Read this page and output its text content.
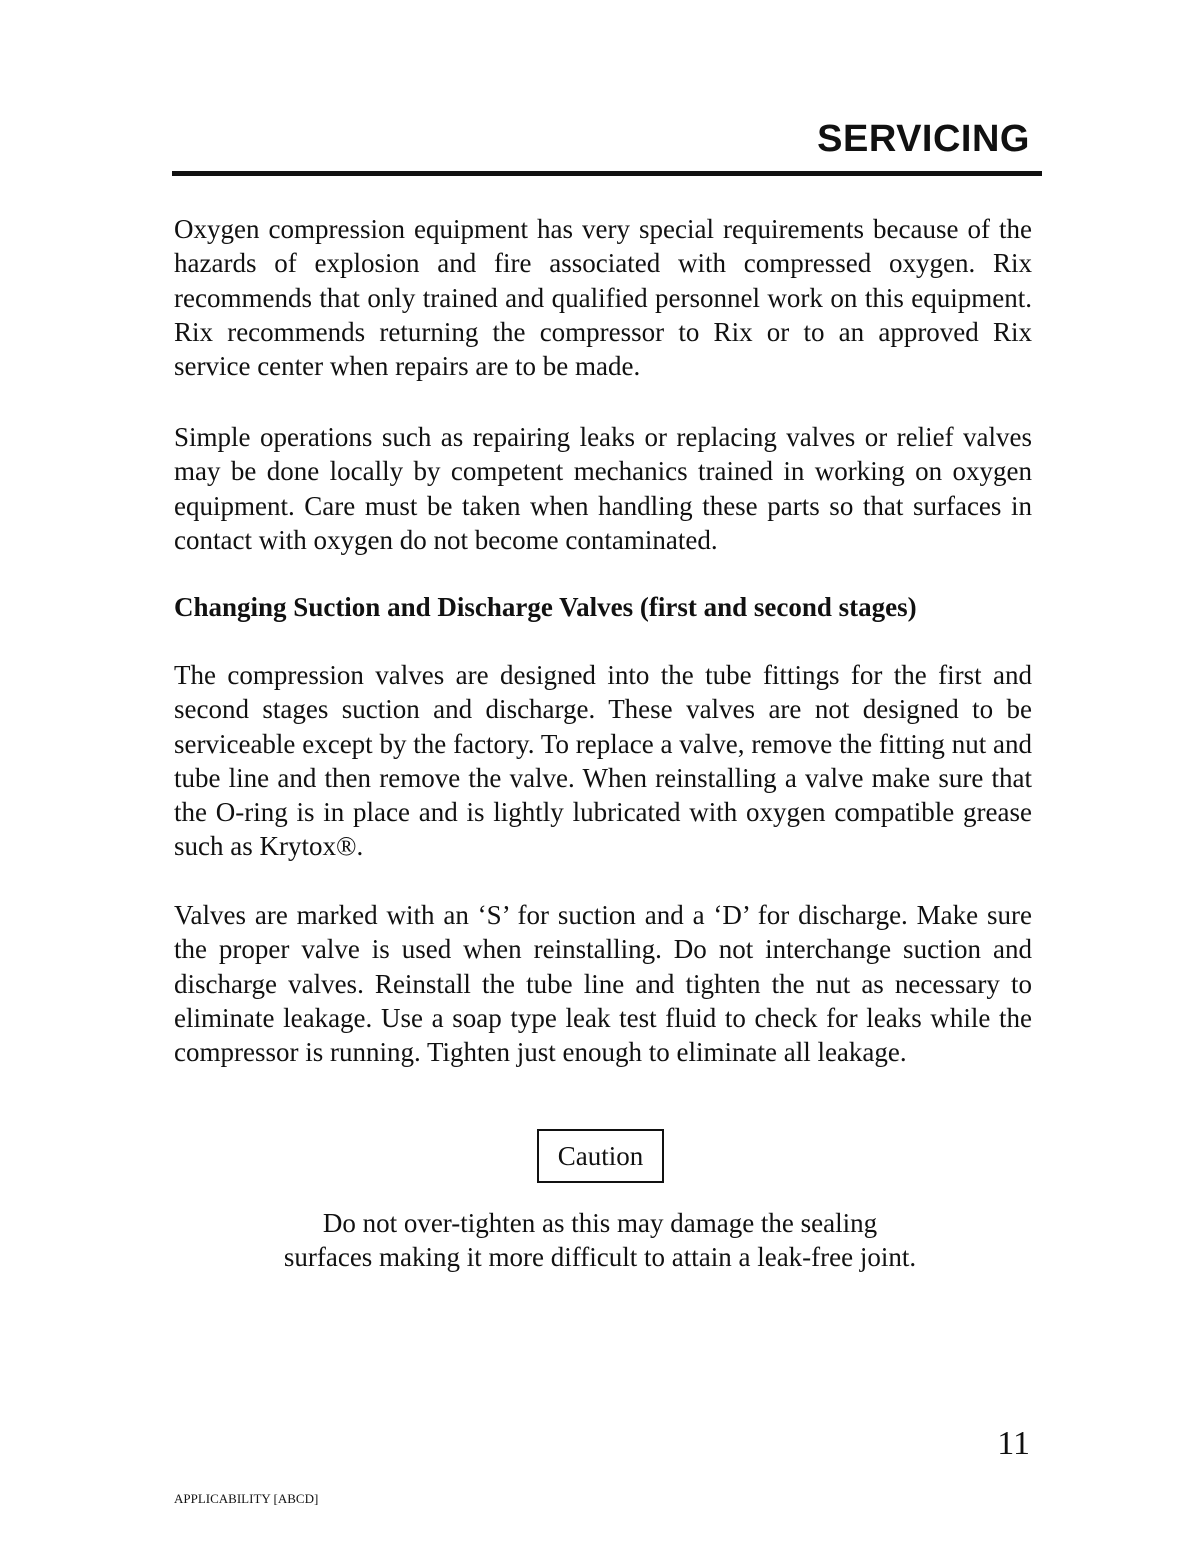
SERVICING

Oxygen compression equipment has very special requirements because of the hazards of explosion and fire associated with compressed oxygen. Rix recommends that only trained and qualified personnel work on this equipment. Rix recommends returning the compressor to Rix or to an approved Rix service center when repairs are to be made.

Simple operations such as repairing leaks or replacing valves or relief valves may be done locally by competent mechanics trained in working on oxygen equipment. Care must be taken when handling these parts so that surfaces in contact with oxygen do not become contaminated.

Changing Suction and Discharge Valves (first and second stages)

The compression valves are designed into the tube fittings for the first and second stages suction and discharge. These valves are not designed to be serviceable except by the factory. To replace a valve, remove the fitting nut and tube line and then remove the valve. When reinstalling a valve make sure that the O-ring is in place and is lightly lubricated with oxygen compatible grease such as Krytox®.

Valves are marked with an ‘S’ for suction and a ‘D’ for discharge. Make sure the proper valve is used when reinstalling. Do not interchange suction and discharge valves. Reinstall the tube line and tighten the nut as necessary to eliminate leakage. Use a soap type leak test fluid to check for leaks while the compressor is running. Tighten just enough to eliminate all leakage.

Caution

Do not over-tighten as this may damage the sealing
surfaces making it more difficult to attain a leak-free joint.

11
APPLICABILITY [ABCD]
